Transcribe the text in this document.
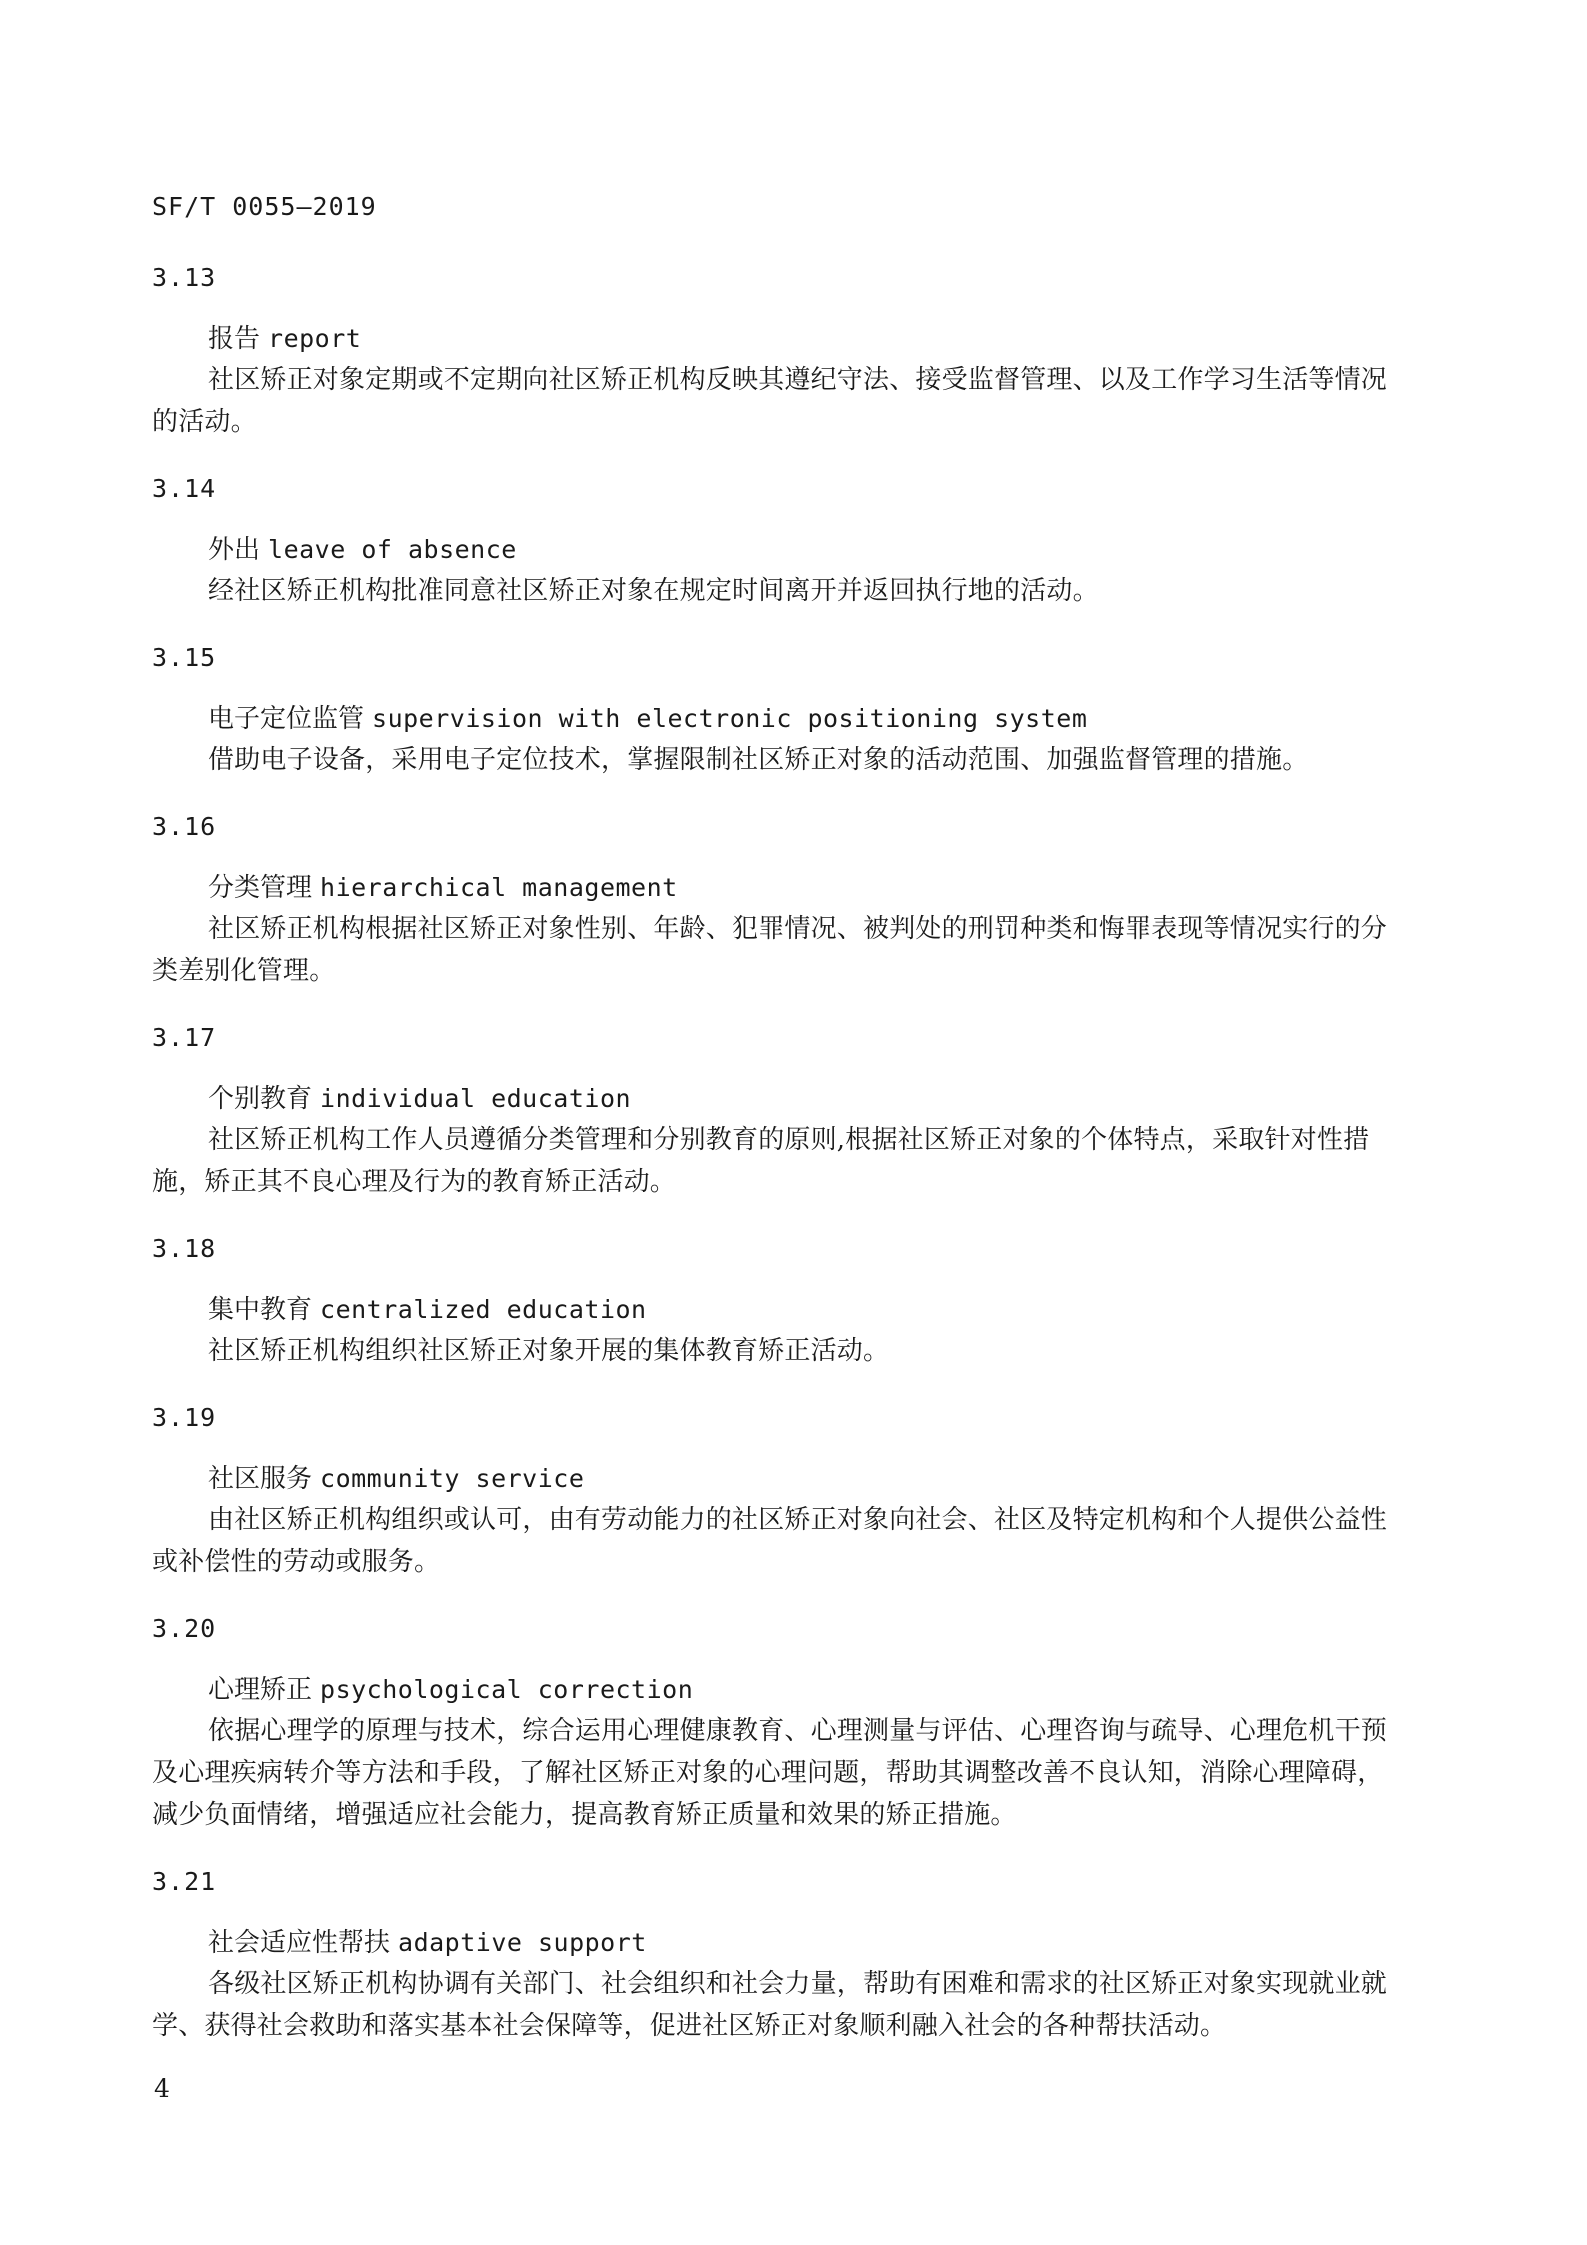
SF/T 0055—2019

3.13
报告 report

社区矫正对象定期或不定期向社区矫正机构反映其遵纪守法、接受监督管理、以及工作学习生活等情况的活动。

3.14
外出 leave of absence

经社区矫正机构批准同意社区矫正对象在规定时间离开并返回执行地的活动。

3.15
电子定位监管 supervision with electronic positioning system

借助电子设备，采用电子定位技术，掌握限制社区矫正对象的活动范围、加强监督管理的措施。

3.16
分类管理 hierarchical management

社区矫正机构根据社区矫正对象性别、年龄、犯罪情况、被判处的刑罚种类和悔罪表现等情况实行的分类差别化管理。

3.17
个别教育 individual education

社区矫正机构工作人员遵循分类管理和分别教育的原则,根据社区矫正对象的个体特点，采取针对性措施，矫正其不良心理及行为的教育矫正活动。

3.18
集中教育 centralized education

社区矫正机构组织社区矫正对象开展的集体教育矫正活动。

3.19
社区服务 community service

由社区矫正机构组织或认可，由有劳动能力的社区矫正对象向社会、社区及特定机构和个人提供公益性或补偿性的劳动或服务。

3.20
心理矫正 psychological correction

依据心理学的原理与技术，综合运用心理健康教育、心理测量与评估、心理咨询与疏导、心理危机干预及心理疾病转介等方法和手段，了解社区矫正对象的心理问题，帮助其调整改善不良认知，消除心理障碍，减少负面情绪，增强适应社会能力，提高教育矫正质量和效果的矫正措施。

3.21
社会适应性帮扶 adaptive support

各级社区矫正机构协调有关部门、社会组织和社会力量，帮助有困难和需求的社区矫正对象实现就业就学、获得社会救助和落实基本社会保障等，促进社区矫正对象顺利融入社会的各种帮扶活动。

4
